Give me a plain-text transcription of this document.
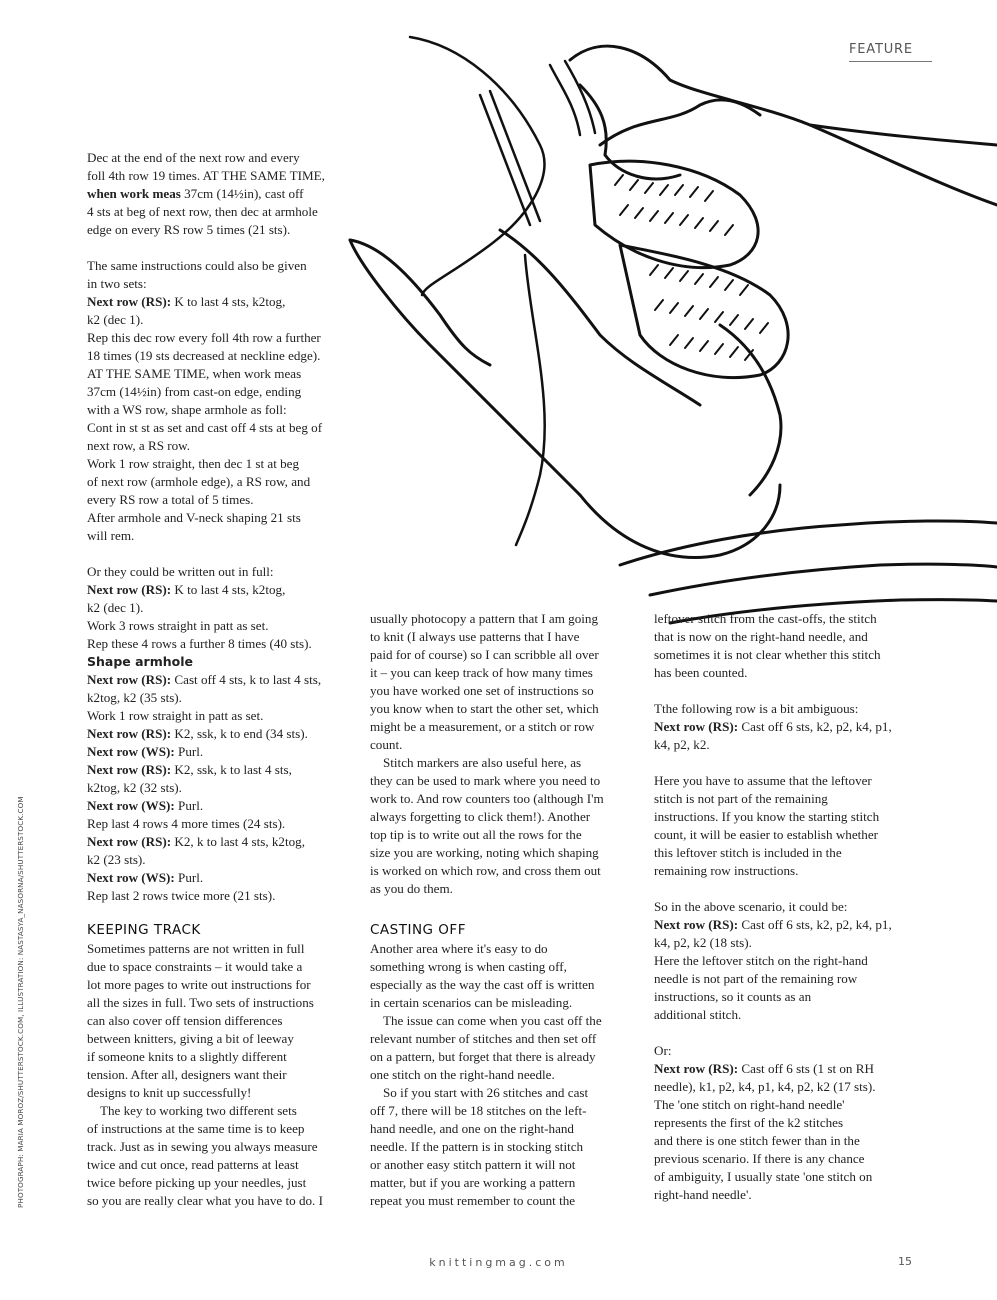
FEATURE

Dec at the end of the next row and every

foll 4th row 19 times. AT THE SAME TIME,

when work meas 37cm (14½in), cast off

4 sts at beg of next row, then dec at armhole

edge on every RS row 5 times (21 sts).

The same instructions could also be given

in two sets:

Next row (RS): K to last 4 sts, k2tog,

k2 (dec 1).

Rep this dec row every foll 4th row a further

18 times (19 sts decreased at neckline edge).

AT THE SAME TIME, when work meas

37cm (14½in) from cast-on edge, ending

with a WS row, shape armhole as foll:

Cont in st st as set and cast off 4 sts at beg of

next row, a RS row.

Work 1 row straight, then dec 1 st at beg

of next row (armhole edge), a RS row, and

every RS row a total of 5 times.

After armhole and V-neck shaping 21 sts

will rem.

Or they could be written out in full:

Next row (RS): K to last 4 sts, k2tog,

k2 (dec 1).

Work 3 rows straight in patt as set.

Rep these 4 rows a further 8 times (40 sts).

Shape armhole

Next row (RS): Cast off 4 sts, k to last 4 sts,

k2tog, k2 (35 sts).

Work 1 row straight in patt as set.

Next row (RS): K2, ssk, k to end (34 sts).

Next row (WS): Purl.

Next row (RS): K2, ssk, k to last 4 sts,

k2tog, k2 (32 sts).

Next row (WS): Purl.

Rep last 4 rows 4 more times (24 sts).

Next row (RS): K2, k to last 4 sts, k2tog,

k2 (23 sts).

Next row (WS): Purl.

Rep last 2 rows twice more (21 sts).

KEEPING TRACK

Sometimes patterns are not written in full

due to space constraints – it would take a

lot more pages to write out instructions for

all the sizes in full. Two sets of instructions

can also cover off tension differences

between knitters, giving a bit of leeway

if someone knits to a slightly different

tension. After all, designers want their

designs to knit up successfully!

The key to working two different sets

of instructions at the same time is to keep

track. Just as in sewing you always measure

twice and cut once, read patterns at least

twice before picking up your needles, just

so you are really clear what you have to do. I

usually photocopy a pattern that I am going

to knit (I always use patterns that I have

paid for of course) so I can scribble all over

it – you can keep track of how many times

you have worked one set of instructions so

you know when to start the other set, which

might be a measurement, or a stitch or row

count.

Stitch markers are also useful here, as

they can be used to mark where you need to

work to. And row counters too (although I'm

always forgetting to click them!). Another

top tip is to write out all the rows for the

size you are working, noting which shaping

is worked on which row, and cross them out

as you do them.

CASTING OFF

Another area where it's easy to do

something wrong is when casting off,

especially as the way the cast off is written

in certain scenarios can be misleading.

The issue can come when you cast off the

relevant number of stitches and then set off

on a pattern, but forget that there is already

one stitch on the right-hand needle.

So if you start with 26 stitches and cast

off 7, there will be 18 stitches on the left-

hand needle, and one on the right-hand

needle. If the pattern is in stocking stitch

or another easy stitch pattern it will not

matter, but if you are working a pattern

repeat you must remember to count the

leftover stitch from the cast-offs, the stitch

that is now on the right-hand needle, and

sometimes it is not clear whether this stitch

has been counted.

Tthe following row is a bit ambiguous:

Next row (RS): Cast off 6 sts, k2, p2, k4, p1,

k4, p2, k2.

Here you have to assume that the leftover

stitch is not part of the remaining

instructions. If you know the starting stitch

count, it will be easier to establish whether

this leftover stitch is included in the

remaining row instructions.

So in the above scenario, it could be:

Next row (RS): Cast off 6 sts, k2, p2, k4, p1,

k4, p2, k2 (18 sts).

Here the leftover stitch on the right-hand

needle is not part of the remaining row

instructions, so it counts as an

additional stitch.

Or:

Next row (RS): Cast off 6 sts (1 st on RH

needle), k1, p2, k4, p1, k4, p2, k2 (17 sts).

The 'one stitch on right-hand needle'

represents the first of the k2 stitches

and there is one stitch fewer than in the

previous scenario. If there is any chance

of ambiguity, I usually state 'one stitch on

right-hand needle'.

PHOTOGRAPH: MARIA MOROZ/SHUTTERSTOCK.COM, ILLUSTRATION: NASTASYA_NASORNA/SHUTTERSTOCK.COM
knittingmag.com	15
